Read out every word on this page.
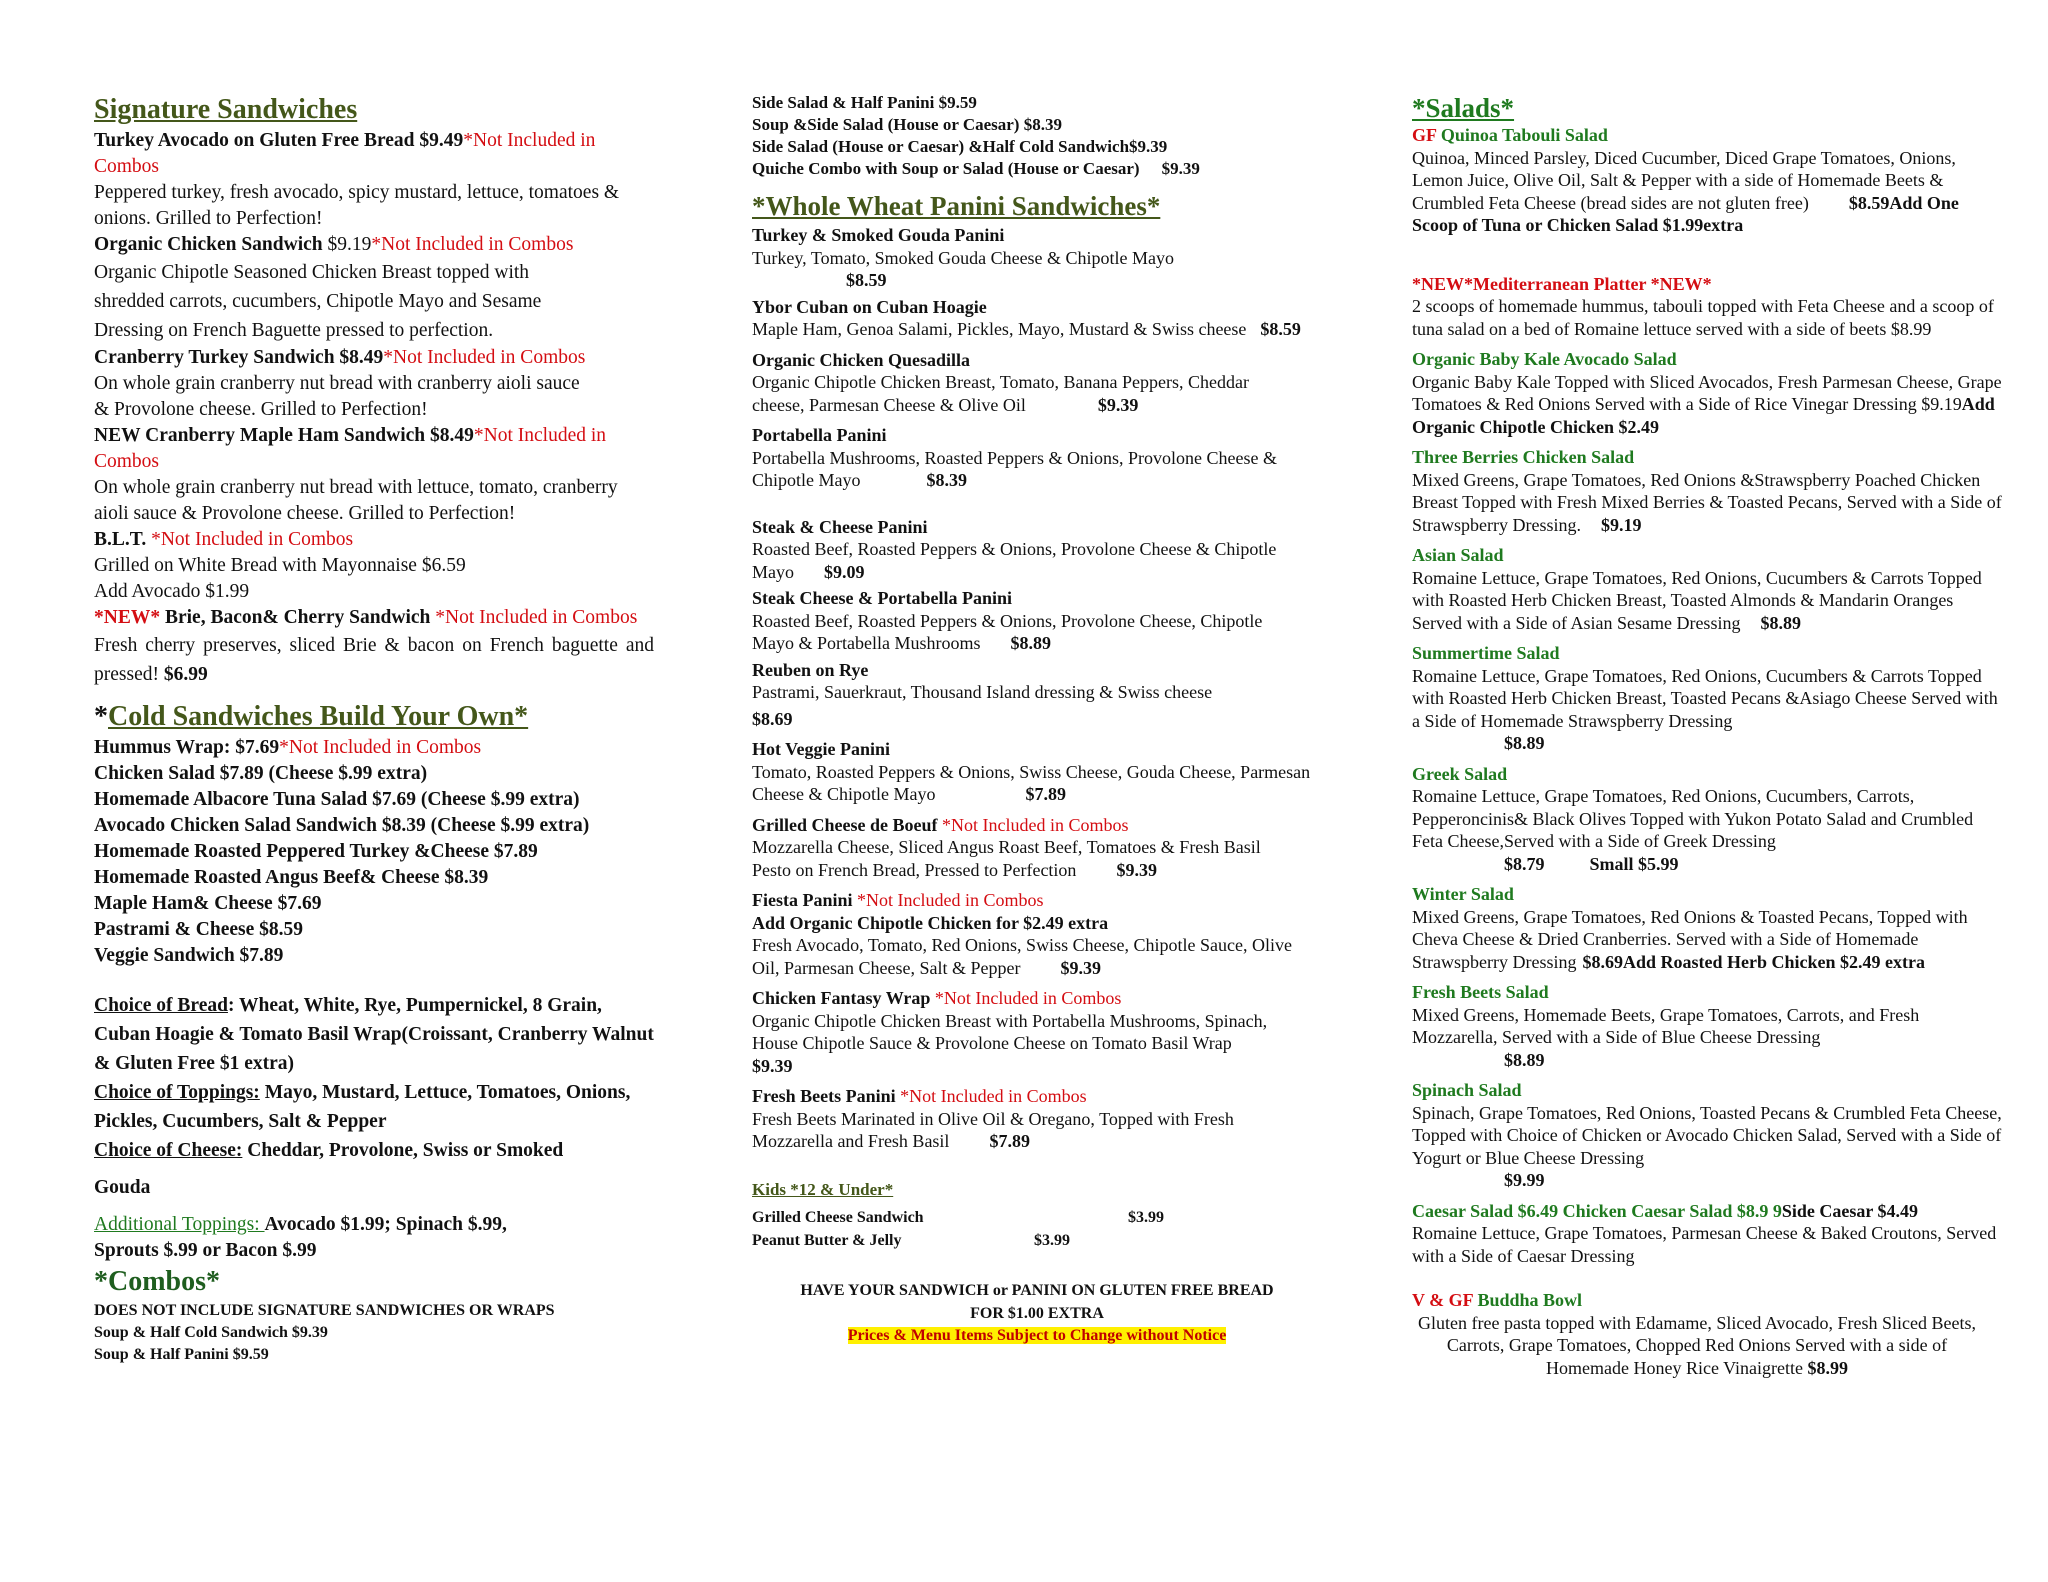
Signature Sandwiches
Turkey Avocado on Gluten Free Bread $9.49*Not Included in Combos
Peppered turkey, fresh avocado, spicy mustard, lettuce, tomatoes & onions. Grilled to Perfection!
Organic Chicken Sandwich $9.19*Not Included in Combos
Organic Chipotle Seasoned Chicken Breast topped with
shredded carrots, cucumbers, Chipotle Mayo and Sesame
Dressing on French Baguette pressed to perfection.
Cranberry Turkey Sandwich $8.49*Not Included in Combos
On whole grain cranberry nut bread with cranberry aioli sauce
& Provolone cheese. Grilled to Perfection!
NEW Cranberry Maple Ham Sandwich $8.49*Not Included in Combos
On whole grain cranberry nut bread with lettuce, tomato, cranberry aioli sauce & Provolone cheese. Grilled to Perfection!
B.L.T. *Not Included in Combos
Grilled on White Bread with Mayonnaise $6.59
Add Avocado $1.99
*NEW* Brie, Bacon& Cherry Sandwich *Not Included in Combos
Fresh cherry preserves, sliced Brie & bacon on French baguette and pressed! $6.99
*Cold Sandwiches Build Your Own*
Hummus Wrap: $7.69*Not Included in Combos
Chicken Salad $7.89 (Cheese $.99 extra)
Homemade Albacore Tuna Salad $7.69 (Cheese $.99 extra)
Avocado Chicken Salad Sandwich $8.39 (Cheese $.99 extra)
Homemade Roasted Peppered Turkey &Cheese $7.89
Homemade Roasted Angus Beef& Cheese $8.39
Maple Ham& Cheese $7.69
Pastrami & Cheese $8.59
Veggie Sandwich $7.89
Choice of Bread: Wheat, White, Rye, Pumpernickel, 8 Grain, Cuban Hoagie & Tomato Basil Wrap(Croissant, Cranberry Walnut & Gluten Free $1 extra)
Choice of Toppings: Mayo, Mustard, Lettuce, Tomatoes, Onions, Pickles, Cucumbers, Salt & Pepper
Choice of Cheese: Cheddar, Provolone, Swiss or Smoked
Gouda
Additional Toppings: Avocado $1.99; Spinach $.99,
Sprouts $.99 or Bacon $.99
*Combos*
DOES NOT INCLUDE SIGNATURE SANDWICHES OR WRAPS
Soup & Half Cold Sandwich $9.39
Soup & Half Panini $9.59
Side Salad & Half Panini $9.59
Soup &Side Salad (House or Caesar) $8.39
Side Salad (House or Caesar) &Half Cold Sandwich$9.39
Quiche Combo with Soup or Salad (House or Caesar) $9.39
*Whole Wheat Panini Sandwiches*
Turkey & Smoked Gouda Panini
Turkey, Tomato, Smoked Gouda Cheese & Chipotle Mayo
$8.59
Ybor Cuban on Cuban Hoagie
Maple Ham, Genoa Salami, Pickles, Mayo, Mustard & Swiss cheese $8.59
Organic Chicken Quesadilla
Organic Chipotle Chicken Breast, Tomato, Banana Peppers, Cheddar cheese, Parmesan Cheese & Olive Oil	$9.39
Portabella Panini
Portabella Mushrooms, Roasted Peppers & Onions, Provolone Cheese & Chipotle Mayo	$8.39
Steak & Cheese Panini
Roasted Beef, Roasted Peppers & Onions, Provolone Cheese & Chipotle Mayo $9.09
Steak Cheese & Portabella Panini
Roasted Beef, Roasted Peppers & Onions, Provolone Cheese, Chipotle Mayo & Portabella Mushrooms $8.89
Reuben on Rye
Pastrami, Sauerkraut, Thousand Island dressing & Swiss cheese
$8.69
Hot Veggie Panini
Tomato, Roasted Peppers & Onions, Swiss Cheese, Gouda Cheese, Parmesan Cheese & Chipotle Mayo	$7.89
Grilled Cheese de Boeuf *Not Included in Combos
Mozzarella Cheese, Sliced Angus Roast Beef, Tomatoes & Fresh Basil Pesto on French Bread, Pressed to Perfection $9.39
Fiesta Panini *Not Included in Combos
Add Organic Chipotle Chicken for $2.49 extra
Fresh Avocado, Tomato, Red Onions, Swiss Cheese, Chipotle Sauce, Olive Oil, Parmesan Cheese, Salt & Pepper $9.39
Chicken Fantasy Wrap *Not Included in Combos
Organic Chipotle Chicken Breast with Portabella Mushrooms, Spinach, House Chipotle Sauce & Provolone Cheese on Tomato Basil Wrap$9.39
Fresh Beets Panini *Not Included in Combos
Fresh Beets Marinated in Olive Oil & Oregano, Topped with Fresh Mozzarella and Fresh Basil $7.89
Kids *12 & Under*
Grilled Cheese Sandwich	$3.99
Peanut Butter & Jelly	$3.99
HAVE YOUR SANDWICH or PANINI ON GLUTEN FREE BREAD
FOR $1.00 EXTRA
Prices & Menu Items Subject to Change without Notice
*Salads*
GF Quinoa Tabouli Salad
Quinoa, Minced Parsley, Diced Cucumber, Diced Grape Tomatoes, Onions, Lemon Juice, Olive Oil, Salt & Pepper with a side of Homemade Beets & Crumbled Feta Cheese (bread sides are not gluten free) $8.59Add One Scoop of Tuna or Chicken Salad $1.99extra
*NEW*Mediterranean Platter *NEW*
2 scoops of homemade hummus, tabouli topped with Feta Cheese and a scoop of tuna salad on a bed of Romaine lettuce served with a side of beets $8.99
Organic Baby Kale Avocado Salad
Organic Baby Kale Topped with Sliced Avocados, Fresh Parmesan Cheese, Grape Tomatoes & Red Onions Served with a Side of Rice Vinegar Dressing $9.19Add Organic Chipotle Chicken $2.49
Three Berries Chicken Salad
Mixed Greens, Grape Tomatoes, Red Onions &Strawspberry Poached Chicken Breast Topped with Fresh Mixed Berries & Toasted Pecans, Served with a Side of Strawspberry Dressing. $9.19
Asian Salad
Romaine Lettuce, Grape Tomatoes, Red Onions, Cucumbers & Carrots Topped with Roasted Herb Chicken Breast, Toasted Almonds & Mandarin Oranges Served with a Side of Asian Sesame Dressing $8.89
Summertime Salad
Romaine Lettuce, Grape Tomatoes, Red Onions, Cucumbers & Carrots Topped with Roasted Herb Chicken Breast, Toasted Pecans &Asiago Cheese Served with a Side of Homemade Strawspberry Dressing
$8.89
Greek Salad
Romaine Lettuce, Grape Tomatoes, Red Onions, Cucumbers, Carrots, Pepperoncinis& Black Olives Topped with Yukon Potato Salad and Crumbled Feta Cheese,Served with a Side of Greek Dressing
$8.79          Small $5.99
Winter Salad
Mixed Greens, Grape Tomatoes, Red Onions & Toasted Pecans, Topped with Cheva Cheese & Dried Cranberries. Served with a Side of Homemade Strawspberry Dressing $8.69Add Roasted Herb Chicken $2.49 extra
Fresh Beets Salad
Mixed Greens, Homemade Beets, Grape Tomatoes, Carrots, and Fresh Mozzarella, Served with a Side of Blue Cheese Dressing
$8.89
Spinach Salad
Spinach, Grape Tomatoes, Red Onions, Toasted Pecans & Crumbled Feta Cheese, Topped with Choice of Chicken or Avocado Chicken Salad, Served with a Side of Yogurt or Blue Cheese Dressing
$9.99
Caesar Salad $6.49 Chicken Caesar Salad $8.9 9Side Caesar $4.49
Romaine Lettuce, Grape Tomatoes, Parmesan Cheese & Baked Croutons, Served with a Side of Caesar Dressing
V & GF Buddha Bowl
Gluten free pasta topped with Edamame, Sliced Avocado, Fresh Sliced Beets, Carrots, Grape Tomatoes, Chopped Red Onions Served with a side of Homemade Honey Rice Vinaigrette $8.99
